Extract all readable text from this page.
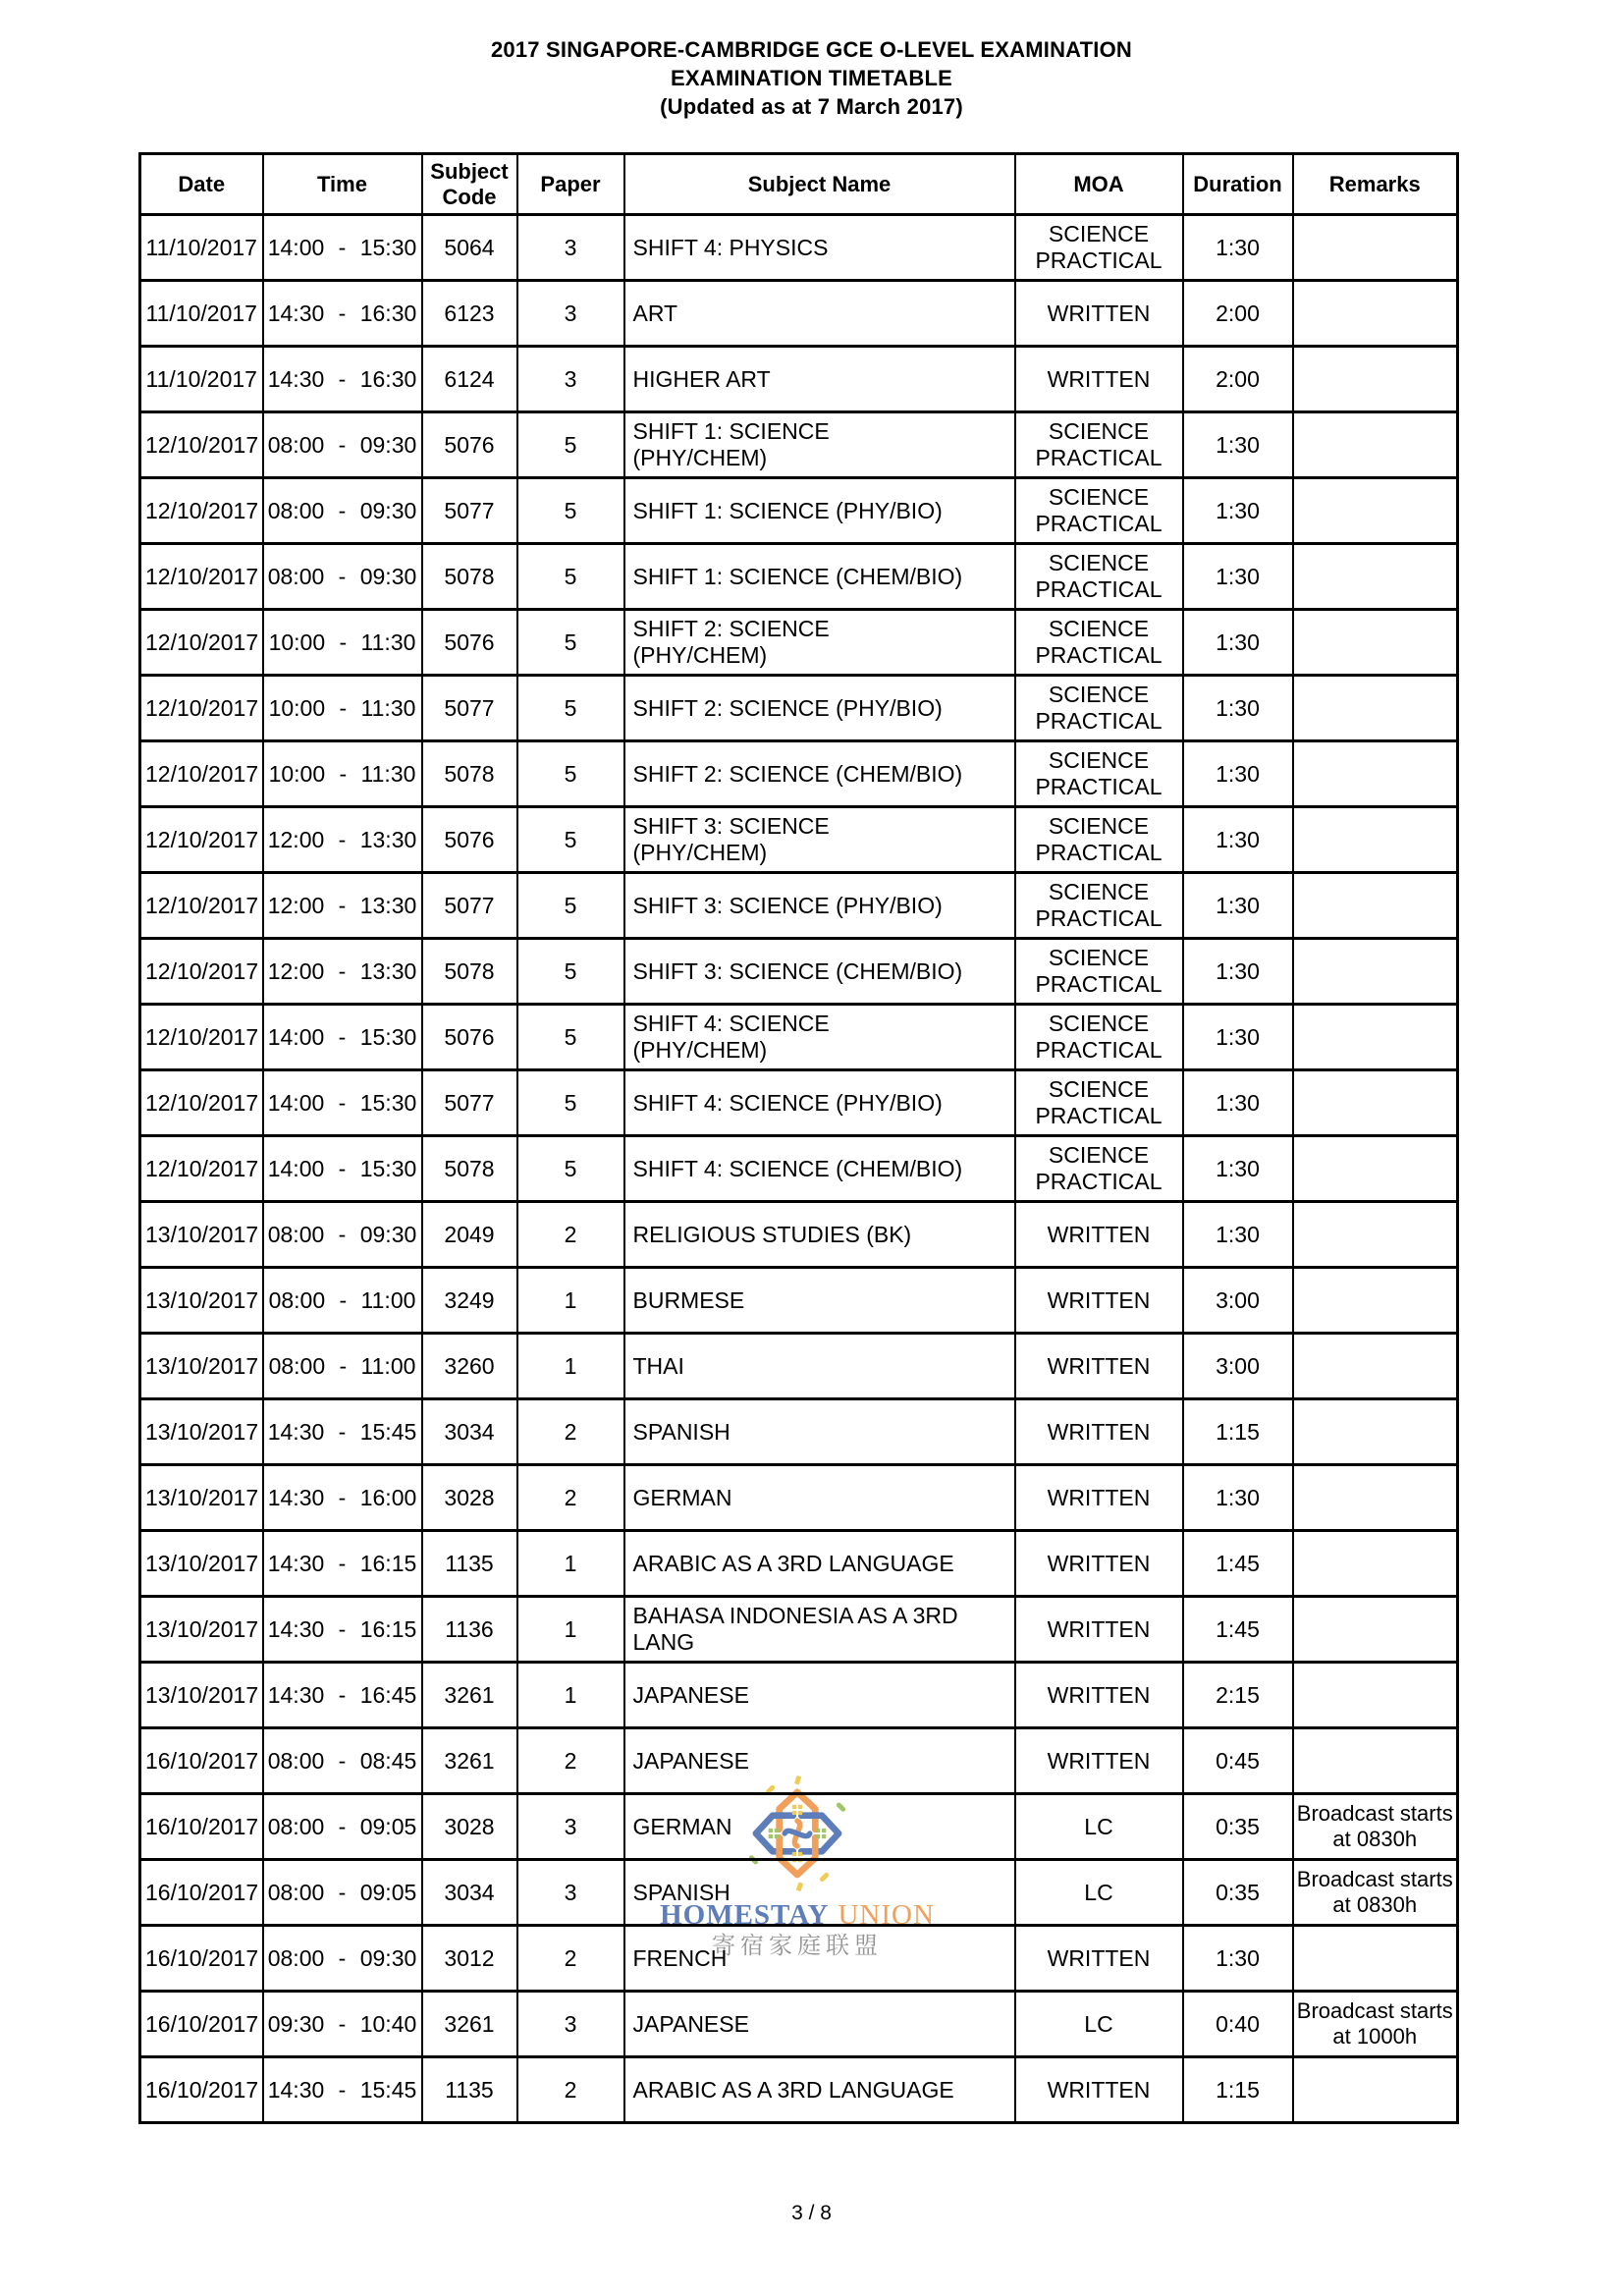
2017 SINGAPORE-CAMBRIDGE GCE O-LEVEL EXAMINATION
EXAMINATION TIMETABLE
(Updated as at 7 March 2017)
HOMESTAY UNION
寄宿家庭联盟
Date	Time	Subject Code	Paper	Subject Name	MOA	Duration	Remarks
11/10/2017	14:00 - 15:30	5064	3	SHIFT 4: PHYSICS	SCIENCE PRACTICAL	1:30	
11/10/2017	14:30 - 16:30	6123	3	ART	WRITTEN	2:00	
11/10/2017	14:30 - 16:30	6124	3	HIGHER ART	WRITTEN	2:00	
12/10/2017	08:00 - 09:30	5076	5	SHIFT 1: SCIENCE (PHY/CHEM)	SCIENCE PRACTICAL	1:30	
12/10/2017	08:00 - 09:30	5077	5	SHIFT 1: SCIENCE (PHY/BIO)	SCIENCE PRACTICAL	1:30	
12/10/2017	08:00 - 09:30	5078	5	SHIFT 1: SCIENCE (CHEM/BIO)	SCIENCE PRACTICAL	1:30	
12/10/2017	10:00 - 11:30	5076	5	SHIFT 2: SCIENCE (PHY/CHEM)	SCIENCE PRACTICAL	1:30	
12/10/2017	10:00 - 11:30	5077	5	SHIFT 2: SCIENCE (PHY/BIO)	SCIENCE PRACTICAL	1:30	
12/10/2017	10:00 - 11:30	5078	5	SHIFT 2: SCIENCE (CHEM/BIO)	SCIENCE PRACTICAL	1:30	
12/10/2017	12:00 - 13:30	5076	5	SHIFT 3: SCIENCE (PHY/CHEM)	SCIENCE PRACTICAL	1:30	
12/10/2017	12:00 - 13:30	5077	5	SHIFT 3: SCIENCE (PHY/BIO)	SCIENCE PRACTICAL	1:30	
12/10/2017	12:00 - 13:30	5078	5	SHIFT 3: SCIENCE (CHEM/BIO)	SCIENCE PRACTICAL	1:30	
12/10/2017	14:00 - 15:30	5076	5	SHIFT 4: SCIENCE (PHY/CHEM)	SCIENCE PRACTICAL	1:30	
12/10/2017	14:00 - 15:30	5077	5	SHIFT 4: SCIENCE (PHY/BIO)	SCIENCE PRACTICAL	1:30	
12/10/2017	14:00 - 15:30	5078	5	SHIFT 4: SCIENCE (CHEM/BIO)	SCIENCE PRACTICAL	1:30	
13/10/2017	08:00 - 09:30	2049	2	RELIGIOUS STUDIES (BK)	WRITTEN	1:30	
13/10/2017	08:00 - 11:00	3249	1	BURMESE	WRITTEN	3:00	
13/10/2017	08:00 - 11:00	3260	1	THAI	WRITTEN	3:00	
13/10/2017	14:30 - 15:45	3034	2	SPANISH	WRITTEN	1:15	
13/10/2017	14:30 - 16:00	3028	2	GERMAN	WRITTEN	1:30	
13/10/2017	14:30 - 16:15	1135	1	ARABIC AS A 3RD LANGUAGE	WRITTEN	1:45	
13/10/2017	14:30 - 16:15	1136	1	BAHASA INDONESIA AS A 3RD LANG	WRITTEN	1:45	
13/10/2017	14:30 - 16:45	3261	1	JAPANESE	WRITTEN	2:15	
16/10/2017	08:00 - 08:45	3261	2	JAPANESE	WRITTEN	0:45	
16/10/2017	08:00 - 09:05	3028	3	GERMAN	LC	0:35	Broadcast starts at 0830h
16/10/2017	08:00 - 09:05	3034	3	SPANISH	LC	0:35	Broadcast starts at 0830h
16/10/2017	08:00 - 09:30	3012	2	FRENCH	WRITTEN	1:30	
16/10/2017	09:30 - 10:40	3261	3	JAPANESE	LC	0:40	Broadcast starts at 1000h
16/10/2017	14:30 - 15:45	1135	2	ARABIC AS A 3RD LANGUAGE	WRITTEN	1:15	
3 / 8
